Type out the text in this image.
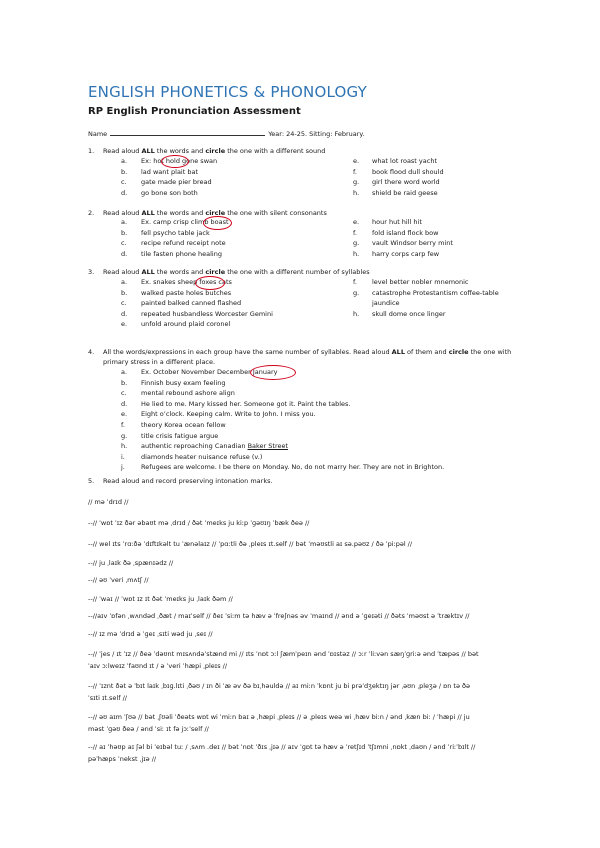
ENGLISH PHONETICS & PHONOLOGY
RP English Pronunciation Assessment
Name	Year: 24-25. Sitting: February.
1. Read aloud ALL the words and circle the one with a different sound
a.	Ex: hot hold gone swan
b.	lad want plait bat
c.	gate made pier bread
d.	go bone son both
e.	what lot roast yacht
f.	book flood dull should
g.	girl there word world
h.	shield be raid geese
2. Read aloud ALL the words and circle the one with silent consonants
a.	Ex. camp crisp climb boast
b.	fell psycho table jack
c.	recipe refund receipt note
d.	tile fasten phone healing
e.	hour hut hill hit
f.	fold island flock bow
g.	vault Windsor berry mint
h.	harry corps carp few
3. Read aloud ALL the words and circle the one with a different number of syllables
a.	Ex. snakes sheep foxes cats
b.	walked paste holes butches
c.	painted balked canned flashed
d.	repeated husbandless Worcester Gemini
e.	unfold around plaid coronel
f.	level better nobler mnemonic
g.	catastrophe Protestantism coffee-table
jaundice
h.	skull dome once linger
4. All the words/expressions in each group have the same number of syllables. Read aloud ALL of them and circle the one with
primary stress in a different place.
a.	Ex. October November December January
b.	Finnish busy exam feeling
c.	mental rebound ashore align
d.	He lied to me. Mary kissed her. Someone got it. Paint the tables.
e.	Eight o’clock. Keeping calm. Write to John. I miss you.
f.	theory Korea ocean fellow
g.	title crisis fatigue argue
h.	authentic reproaching Canadian Baker Street
i.	diamonds heater nuisance refuse (v.)
j.	Refugees are welcome. I be there on Monday. No, do not marry her. They are not in Brighton.
5. Read aloud and record preserving intonation marks.
// mə ˈdrɪd //
--// ˈwɒt ˈɪz ðər əbaʊt mə ˌdrɪd / ðət ˈmeɪks ju kiːp ˈɡəʊɪŋ ˈbæk ðeə //
--// wel ɪts ˈrɑːðə ˈdɪftɪkəlt tu ˈænəlaɪz // ˈpɑːtli ðə ˌpleɪs ɪt.self // bət ˈməʊstli aɪ sə.pəʊz / ðə ˈpiːpəl //
--// ju ˌlaɪk ðə ˌspænɪədz //
--// əʊ ˈveri ˌmʌtʃ //
--// ˈwaɪ // ˈwɒt ɪz ɪt ðət ˈmeɪks ju ˌlaɪk ðəm //
--//aɪv ˈɒfən ˌwʌndəd ˌðæt / maɪˈself // ðeɪ ˈsiːm tə hæv ə ˈfreʃnəs əv ˈmaɪnd // ənd ə ˈɡeɪəti // ðəts ˈməʊst ə ˈtræktɪv //
--// ɪz mə ˈdrɪd ə ˈɡeɪ ˌsɪti wəd ju ˌseɪ //
--// ˈjes / ɪt ˈɪz // ðeə ˈdəʊnt mɪsʌndəˈstænd mi // ɪts ˈnɒt ɔːl ʃæmˈpeɪn ənd ˈɒɪstəz // ɔːr ˈliːvən sæŋˈɡriːə ənd ˈtæpəs // bət
ˈaɪv ɔːlweɪz ˈfaʊnd ɪt / ə ˈveri ˈhæpi ˌpleɪs //
--// ˈɪznt ðət ə ˈbɪt laɪk ˌbɪɡ.lɪti ˌðəʊ / ɪn ði ˈæ əv ðə bɪˌhəuldə // aɪ miːn ˈkɒnt ju bi prəˈdʒektɪŋ jər ˌəʊn ˌpleʒə / ɒn tə ðə
ˈsɪti ɪt.self //
--// əʊ aɪm ˈʃʊə // bət ˌʃʊəli ˈðeəts wɒt wi ˈmiːn baɪ ə ˌhæpi ˌpleɪs // ə ˌpleɪs weə wi ˌhæv biːn / ənd ˌkæn biː / ˈhæpi // ju
məst ˈɡəʊ ðeə / ənd ˈsiː ɪt fə jɔːˈself //
--// aɪ ˈhəʊp aɪ ʃəl bi ˈeɪbəl tuː / ˌsʌm .deɪ // bət ˈnɒt ˈðɪs ˌjɪə // aɪv ˈɡɒt tə hæv ə ˈretʃɪd ˈtʃɪmni ˌnɒkt ˌdaʊn / ənd ˈriːˈbɪlt //
pəˈhæps ˈnekst ˌjɪə //
